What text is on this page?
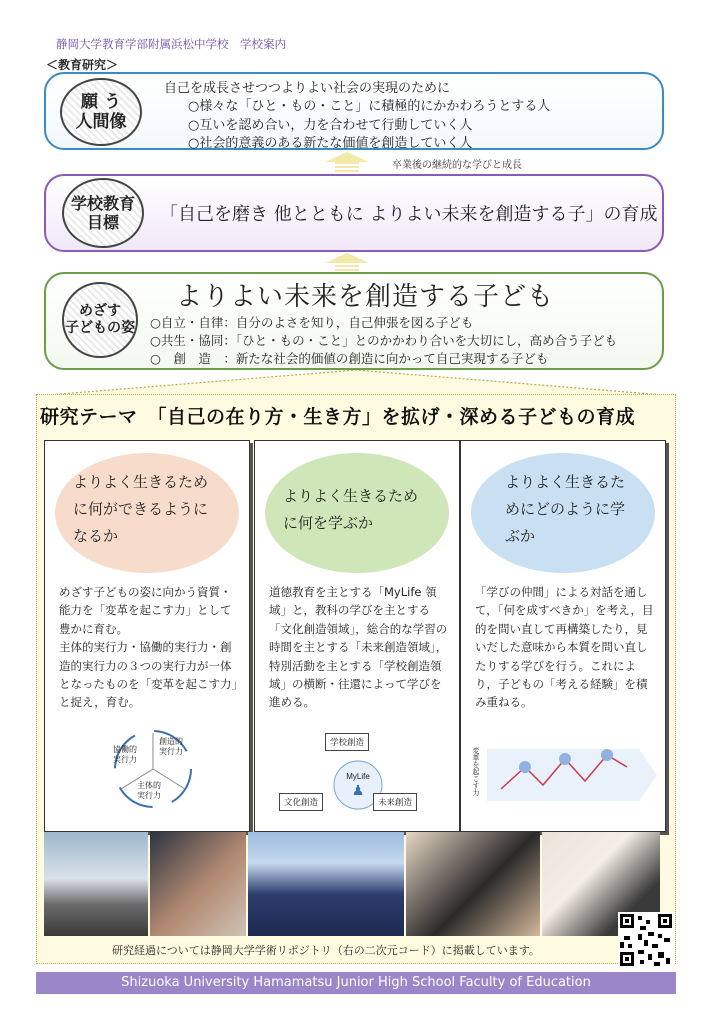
静岡大学教育学部附属浜松中学校　学校案内
＜教育研究＞
願 う
人間像
自己を成長させつつよりよい社会の実現のために
○様々な「ひと・もの・こと」に積極的にかかわろうとする人
○互いを認め合い，力を合わせて行動していく人
○社会的意義のある新たな価値を創造していく人
卒業後の継続的な学びと成長
学校教育
目標 「自己を磨き 他とともに よりよい未来を創造する子」の育成
めざす
子どもの姿
よりよい未来を創造する子ども
○自立・自律：自分のよさを知り，自己伸張を図る子ども
○共生・協同：「ひと・もの・こと」とのかかわり合いを大切にし，高め合う子ども
○　創　造　：新たな社会的価値の創造に向かって自己実現する子ども
研究テーマ　「自己の在り方・生き方」を拡げ・深める子どもの育成
よりよく生きるために何ができるようになるか
めざす子どもの姿に向かう資質・能力を「変革を起こす力」として豊かに育む。
主体的実行力・協働的実行力・創造的実行力の３つの実行力が一体となったものを「変革を起こす力」と捉え，育む。
協働的
実行力
創造的
実行力
主体的
実行力
よりよく生きるために何を学ぶか
道徳教育を主とする「MyLife 領域」と，教科の学びを主とする「文化創造領域」，総合的な学習の時間を主とする「未来創造領域」，特別活動を主とする「学校創造領域」の横断・往還によって学びを進める。
MyLife
♟
学校創造
文化創造	未来創造
よりよく生きるためにどのように学ぶか
「学びの仲間」による対話を通して，「何を成すべきか」を考え，目的を問い直して再構築したり，見いだした意味から本質を問い直したりする学びを行う。これにより，子どもの「考える経験」を積み重ねる。
変革を起こす力
研究経過については静岡大学学術リポジトリ（右の二次元コード）に掲載しています。
Shizuoka University Hamamatsu Junior High School Faculty of Education
